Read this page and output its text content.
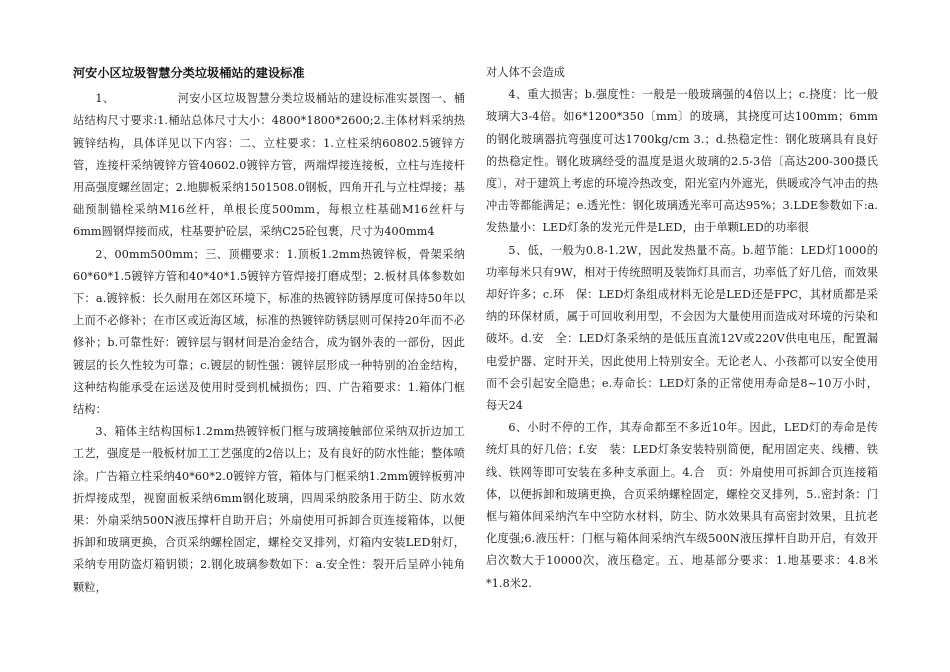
河安小区垃圾智慧分类垃圾桶站的建设标准

1、　　　　　　河安小区垃圾智慧分类垃圾桶站的建设标准实景图一、桶站结构尺寸要求:1.桶站总体尺寸大小：4800*1800*2600;2.主体材料采纳热镀锌结构，具体详见以下内容：二、立柱要求：1.立柱采纳60802.5镀锌方管，连接杆采纳镀锌方管40602.0镀锌方管，两端焊接连接板，立柱与连接杆用高强度螺丝固定；2.地脚板采纳1501508.0钢板，四角开孔与立柱焊接；基础预制锚栓采纳M16丝杆，单根长度500mm，每根立柱基础M16丝杆与6mm圆钢焊接而成，柱基要护砼层，采纳C25砼包裹，尺寸为400mm4

2、00mm500mm；三、顶棚要求：1.顶板1.2mm热镀锌板，骨架采纳60*60*1.5镀锌方管和40*40*1.5镀锌方管焊接打磨成型；2.板材具体参数如下：a.镀锌板：长久耐用在郊区环境下，标准的热镀锌防锈厚度可保持50年以上而不必修补；在市区或近海区域，标准的热镀锌防锈层则可保持20年而不必修补；b.可靠性好：镀锌层与钢材间是冶金结合，成为钢外表的一部份，因此镀层的长久性较为可靠；c.镀层的韧性强：镀锌层形成一种特别的冶金结构，这种结构能承受在运送及使用时受到机械损伤；四、广告箱要求：1.箱体门框结构：

3、箱体主结构国标1.2mm热镀锌板门框与玻璃接触部位采纳双折边加工工艺，强度是一般板材加工工艺强度的2倍以上；及有良好的防水性能；整体喷涂。广告箱立柱采纳40*60*2.0镀锌方管，箱体与门框采纳1.2mm镀锌板剪冲折焊接成型，视窗面板采纳6mm钢化玻璃，四周采纳胶条用于防尘、防水效果：外扇采纳500N液压撑杆自助开启；外扇使用可拆卸合页连接箱体，以便拆卸和玻璃更换，合页采纳螺栓固定，螺栓交叉排列，灯箱内安装LED射灯，采纳专用防盗灯箱钥锁；2.钢化玻璃参数如下：a.安全性：裂开后呈碎小钝角颗粒，

对人体不会造成

4、重大损害；b.强度性：一般是一般玻璃强的4倍以上；c.挠度：比一般玻璃大3-4倍。如6*1200*350〔mm〕的玻璃，其挠度可达100mm；6mm的钢化玻璃器抗弯强度可达1700kg/cm 3.；d.热稳定性：钢化玻璃具有良好的热稳定性。钢化玻璃经受的温度是退火玻璃的2.5-3倍〔高达200-300摄氏度〕，对于建筑上考虑的环境冷热改变，阳光室内外遮光，供暖或冷气冲击的热冲击等都能满足；e.透光性：钢化玻璃透光率可高达95%；3.LDE参数如下:a.发热量小：LED灯条的发光元件是LED，由于单颗LED的功率很

5、低，一般为0.8-1.2W，因此发热量不高。b.超节能：LED灯1000的功率每米只有9W，相对于传统照明及装饰灯具而言，功率低了好几倍，而效果却好许多；c.环　保：LED灯条组成材料无论是LED还是FPC，其材质都是采纳的环保材质，属于可回收利用型，不会因为大量使用而造成对环境的污染和破坏。d.安　全：LED灯条采纳的是低压直流12V或220V供电电压，配置漏电爱护器、定时开关，因此使用上特别安全。无论老人、小孩都可以安全使用而不会引起安全隐患；e.寿命长：LED灯条的正常使用寿命是8~10万小时，每天24

6、小时不停的工作，其寿命都至不多近10年。因此，LED灯的寿命是传统灯具的好几倍；f.安　装：LED灯条安装特别简便，配用固定夹、线槽、铁线、铁网等即可安装在多种支承面上。4.合　页：外扇使用可拆卸合页连接箱体，以便拆卸和玻璃更换，合页采纳螺栓固定，螺栓交叉排列，5..密封条：门框与箱体间采纳汽车中空防水材料，防尘、防水效果具有高密封效果，且抗老化度强;6.液压杆：门框与箱体间采纳汽车级500N液压撑杆自助开启，有效开启次数大于10000次，液压稳定。五、地基部分要求：1.地基要求：4.8米*1.8米2.
